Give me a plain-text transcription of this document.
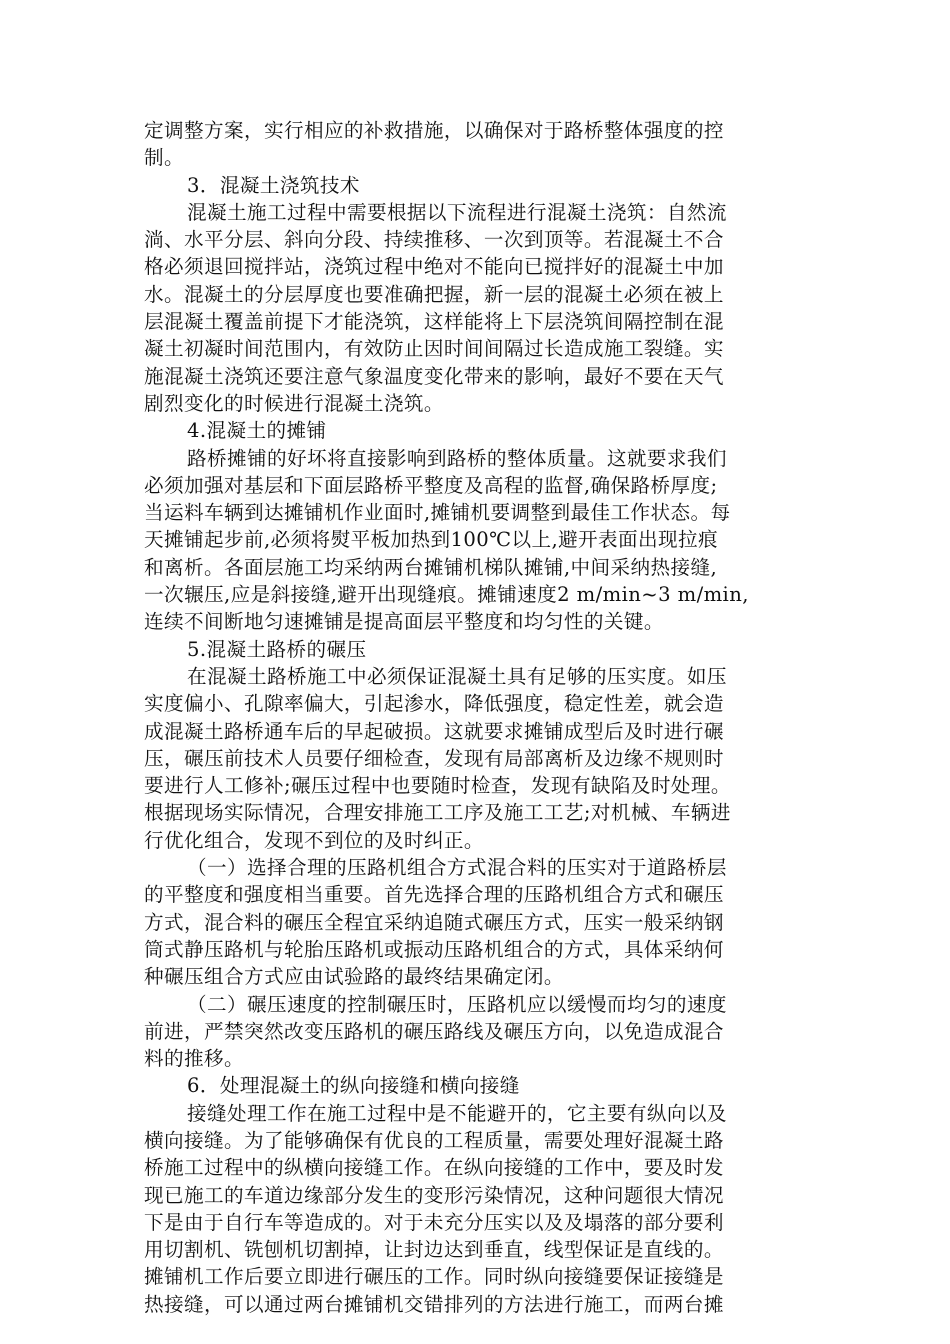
定调整方案，实行相应的补救措施，以确保对于路桥整体强度的控
制。
3．混凝土浇筑技术
混凝土施工过程中需要根据以下流程进行混凝土浇筑：自然流
淌、水平分层、斜向分段、持续推移、一次到顶等。若混凝土不合
格必须退回搅拌站，浇筑过程中绝对不能向已搅拌好的混凝土中加
水。混凝土的分层厚度也要准确把握，新一层的混凝土必须在被上
层混凝土覆盖前提下才能浇筑，这样能将上下层浇筑间隔控制在混
凝土初凝时间范围内，有效防止因时间间隔过长造成施工裂缝。实
施混凝土浇筑还要注意气象温度变化带来的影响，最好不要在天气
剧烈变化的时候进行混凝土浇筑。
4.混凝土的摊铺
路桥摊铺的好坏将直接影响到路桥的整体质量。这就要求我们
必须加强对基层和下面层路桥平整度及高程的监督,确保路桥厚度;
当运料车辆到达摊铺机作业面时,摊铺机要调整到最佳工作状态。每
天摊铺起步前,必须将熨平板加热到100℃以上,避开表面出现拉痕
和离析。各面层施工均采纳两台摊铺机梯队摊铺,中间采纳热接缝,
一次辗压,应是斜接缝,避开出现缝痕。摊铺速度2 m/min~3 m/min,
连续不间断地匀速摊铺是提高面层平整度和均匀性的关键。
5.混凝土路桥的碾压
在混凝土路桥施工中必须保证混凝土具有足够的压实度。如压
实度偏小、孔隙率偏大，引起渗水，降低强度，稳定性差，就会造
成混凝土路桥通车后的早起破损。这就要求摊铺成型后及时进行碾
压，碾压前技术人员要仔细检查，发现有局部离析及边缘不规则时
要进行人工修补;碾压过程中也要随时检查，发现有缺陷及时处理。
根据现场实际情况，合理安排施工工序及施工工艺;对机械、车辆进
行优化组合，发现不到位的及时纠正。
（一）选择合理的压路机组合方式混合料的压实对于道路桥层
的平整度和强度相当重要。首先选择合理的压路机组合方式和碾压
方式，混合料的碾压全程宜采纳追随式碾压方式，压实一般采纳钢
筒式静压路机与轮胎压路机或振动压路机组合的方式，具体采纳何
种碾压组合方式应由试验路的最终结果确定闭。
（二）碾压速度的控制碾压时，压路机应以缓慢而均匀的速度
前进，严禁突然改变压路机的碾压路线及碾压方向，以免造成混合
料的推移。
6．处理混凝土的纵向接缝和横向接缝
接缝处理工作在施工过程中是不能避开的，它主要有纵向以及
横向接缝。为了能够确保有优良的工程质量，需要处理好混凝土路
桥施工过程中的纵横向接缝工作。在纵向接缝的工作中，要及时发
现已施工的车道边缘部分发生的变形污染情况，这种问题很大情况
下是由于自行车等造成的。对于未充分压实以及及塌落的部分要利
用切割机、铣刨机切割掉，让封边达到垂直，线型保证是直线的。
摊铺机工作后要立即进行碾压的工作。同时纵向接缝要保证接缝是
热接缝，可以通过两台摊铺机交错排列的方法进行施工，而两台摊
